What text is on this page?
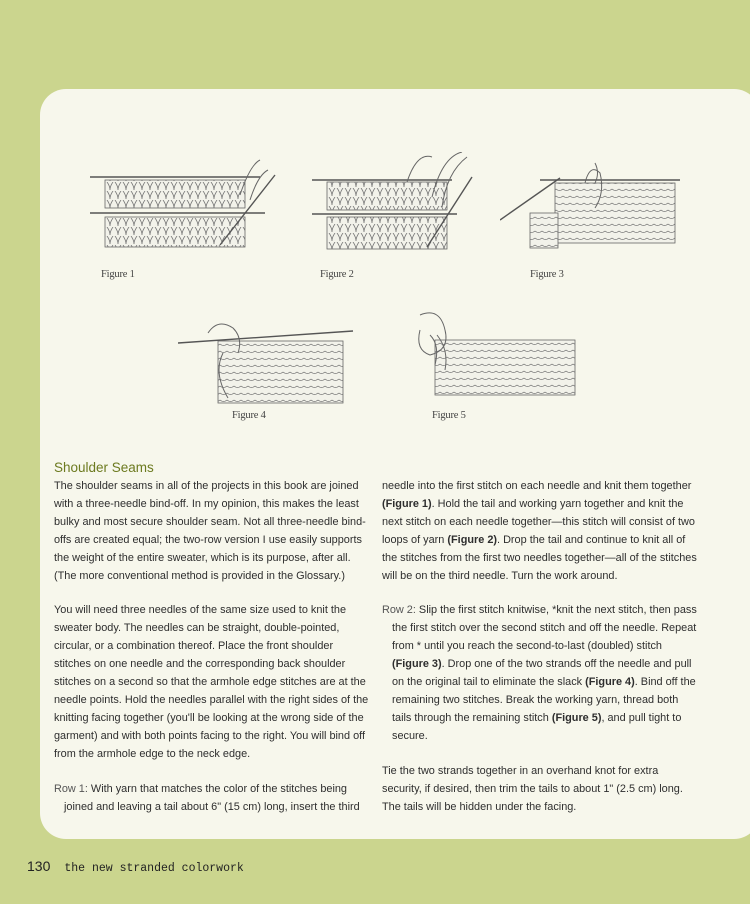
Figure 1	Figure 2	Figure 3
Figure 4	Figure 5
Shoulder Seams

The shoulder seams in all of the projects in this book are joined with a three-needle bind-off. In my opinion, this makes the least bulky and most secure shoulder seam. Not all three-needle bind-offs are created equal; the two-row version I use easily supports the weight of the entire sweater, which is its purpose, after all. (The more conventional method is provided in the Glossary.)

You will need three needles of the same size used to knit the sweater body. The needles can be straight, double-pointed, circular, or a combination thereof. Place the front shoulder stitches on one needle and the corresponding back shoulder stitches on a second so that the armhole edge stitches are at the needle points. Hold the needles parallel with the right sides of the knitting facing together (you'll be looking at the wrong side of the garment) and with both points facing to the right. You will bind off from the armhole edge to the neck edge.

Row 1: With yarn that matches the color of the stitches being joined and leaving a tail about 6" (15 cm) long, insert the third

needle into the first stitch on each needle and knit them together (Figure 1). Hold the tail and working yarn together and knit the next stitch on each needle together—this stitch will consist of two loops of yarn (Figure 2). Drop the tail and continue to knit all of the stitches from the first two needles together—all of the stitches will be on the third needle. Turn the work around.

Row 2: Slip the first stitch knitwise, *knit the next stitch, then pass the first stitch over the second stitch and off the needle. Repeat from * until you reach the second-to-last (doubled) stitch (Figure 3). Drop one of the two strands off the needle and pull on the original tail to eliminate the slack (Figure 4). Bind off the remaining two stitches. Break the working yarn, thread both tails through the remaining stitch (Figure 5), and pull tight to secure.

Tie the two strands together in an overhand knot for extra security, if desired, then trim the tails to about 1" (2.5 cm) long. The tails will be hidden under the facing.

130 the new stranded colorwork
